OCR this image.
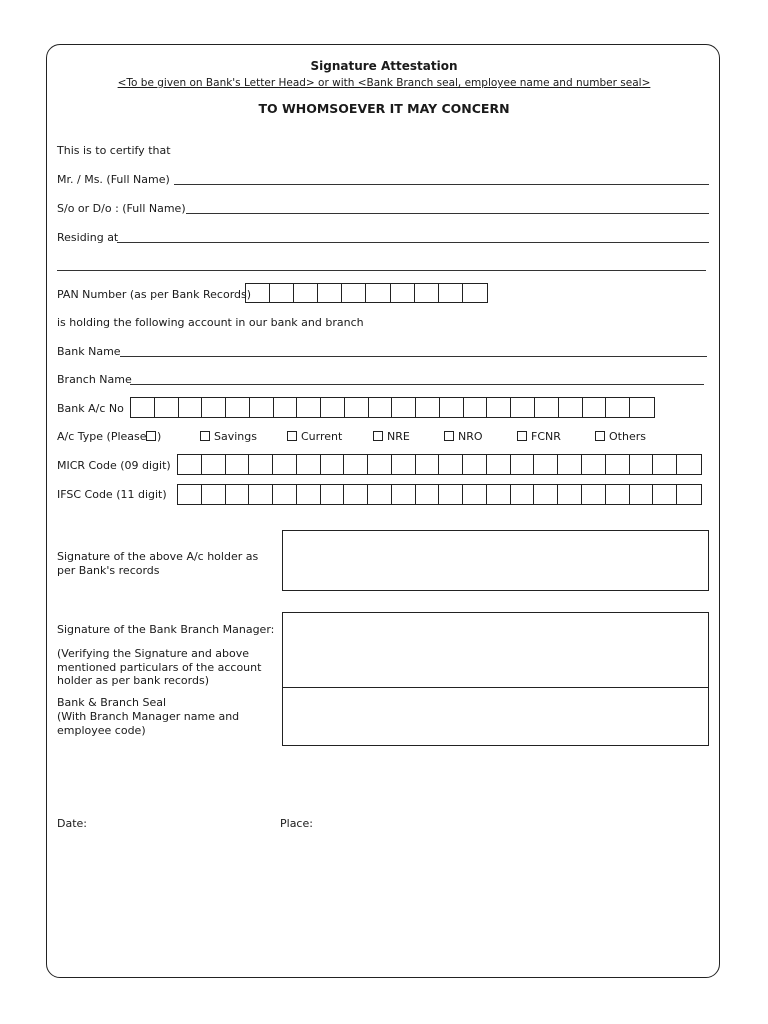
Signature Attestation
<To be given on Bank's Letter Head> or with <Bank Branch seal, employee name and number seal>
TO WHOMSOEVER IT MAY CONCERN
This is to certify that
Mr. / Ms. (Full Name)
S/o or D/o : (Full Name)
Residing at
PAN Number (as per Bank Records)
is holding the following account in our bank and branch
Bank Name
Branch Name
Bank A/c No
A/c Type (Please )	Savings	Current	NRE	NRO	FCNR	Others
MICR Code (09 digit)
IFSC Code (11 digit)
Signature of the above A/c holder as per Bank's records
Signature of the Bank Branch Manager:
(Verifying the Signature and above mentioned particulars of the account holder as per bank records)
Bank & Branch Seal
(With Branch Manager name and employee code)
Date:	Place:
